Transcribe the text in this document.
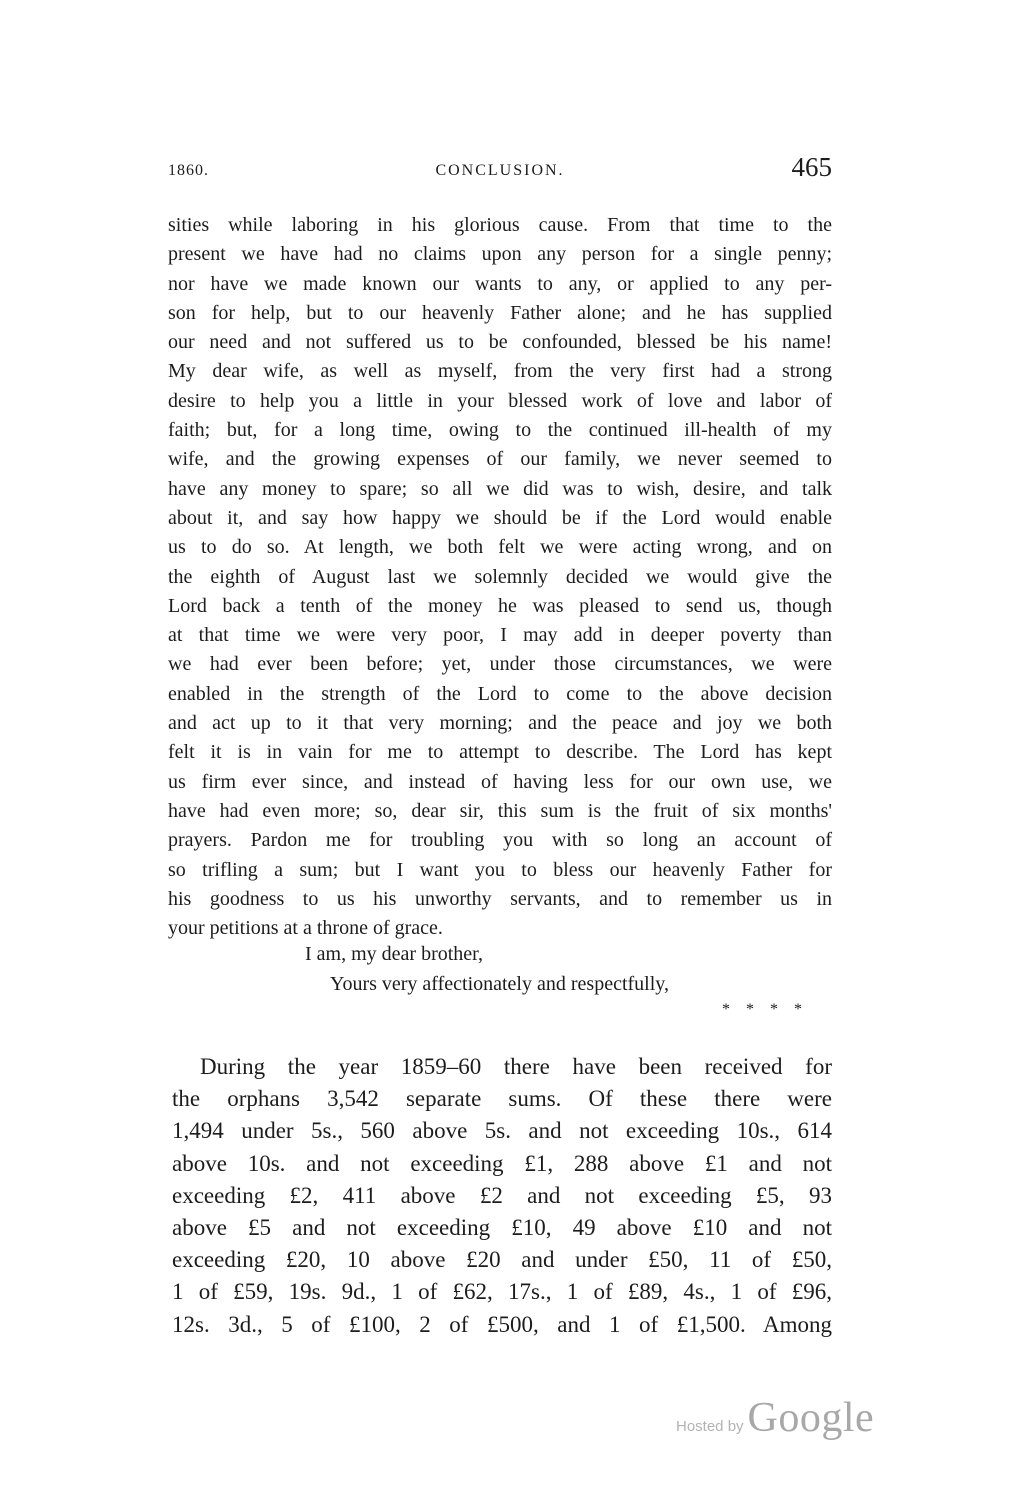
1860.	CONCLUSION.	465
sities while laboring in his glorious cause. From that time to the
present we have had no claims upon any person for a single penny;
nor have we made known our wants to any, or applied to any per-
son for help, but to our heavenly Father alone; and he has supplied
our need and not suffered us to be confounded, blessed be his name!
My dear wife, as well as myself, from the very first had a strong
desire to help you a little in your blessed work of love and labor of
faith; but, for a long time, owing to the continued ill-health of my
wife, and the growing expenses of our family, we never seemed to
have any money to spare; so all we did was to wish, desire, and talk
about it, and say how happy we should be if the Lord would enable
us to do so. At length, we both felt we were acting wrong, and on
the eighth of August last we solemnly decided we would give the
Lord back a tenth of the money he was pleased to send us, though
at that time we were very poor, I may add in deeper poverty than
we had ever been before; yet, under those circumstances, we were
enabled in the strength of the Lord to come to the above decision
and act up to it that very morning; and the peace and joy we both
felt it is in vain for me to attempt to describe. The Lord has kept
us firm ever since, and instead of having less for our own use, we
have had even more; so, dear sir, this sum is the fruit of six months'
prayers. Pardon me for troubling you with so long an account of
so trifling a sum; but I want you to bless our heavenly Father for
his goodness to us his unworthy servants, and to remember us in
your petitions at a throne of grace.
I am, my dear brother,
Yours very affectionately and respectfully,
* * * *
During the year 1859–60 there have been received for
the orphans 3,542 separate sums. Of these there were
1,494 under 5s., 560 above 5s. and not exceeding 10s., 614
above 10s. and not exceeding £1, 288 above £1 and not
exceeding £2, 411 above £2 and not exceeding £5, 93
above £5 and not exceeding £10, 49 above £10 and not
exceeding £20, 10 above £20 and under £50, 11 of £50,
1 of £59, 19s. 9d., 1 of £62, 17s., 1 of £89, 4s., 1 of £96,
12s. 3d., 5 of £100, 2 of £500, and 1 of £1,500. Among
Hosted by Google
